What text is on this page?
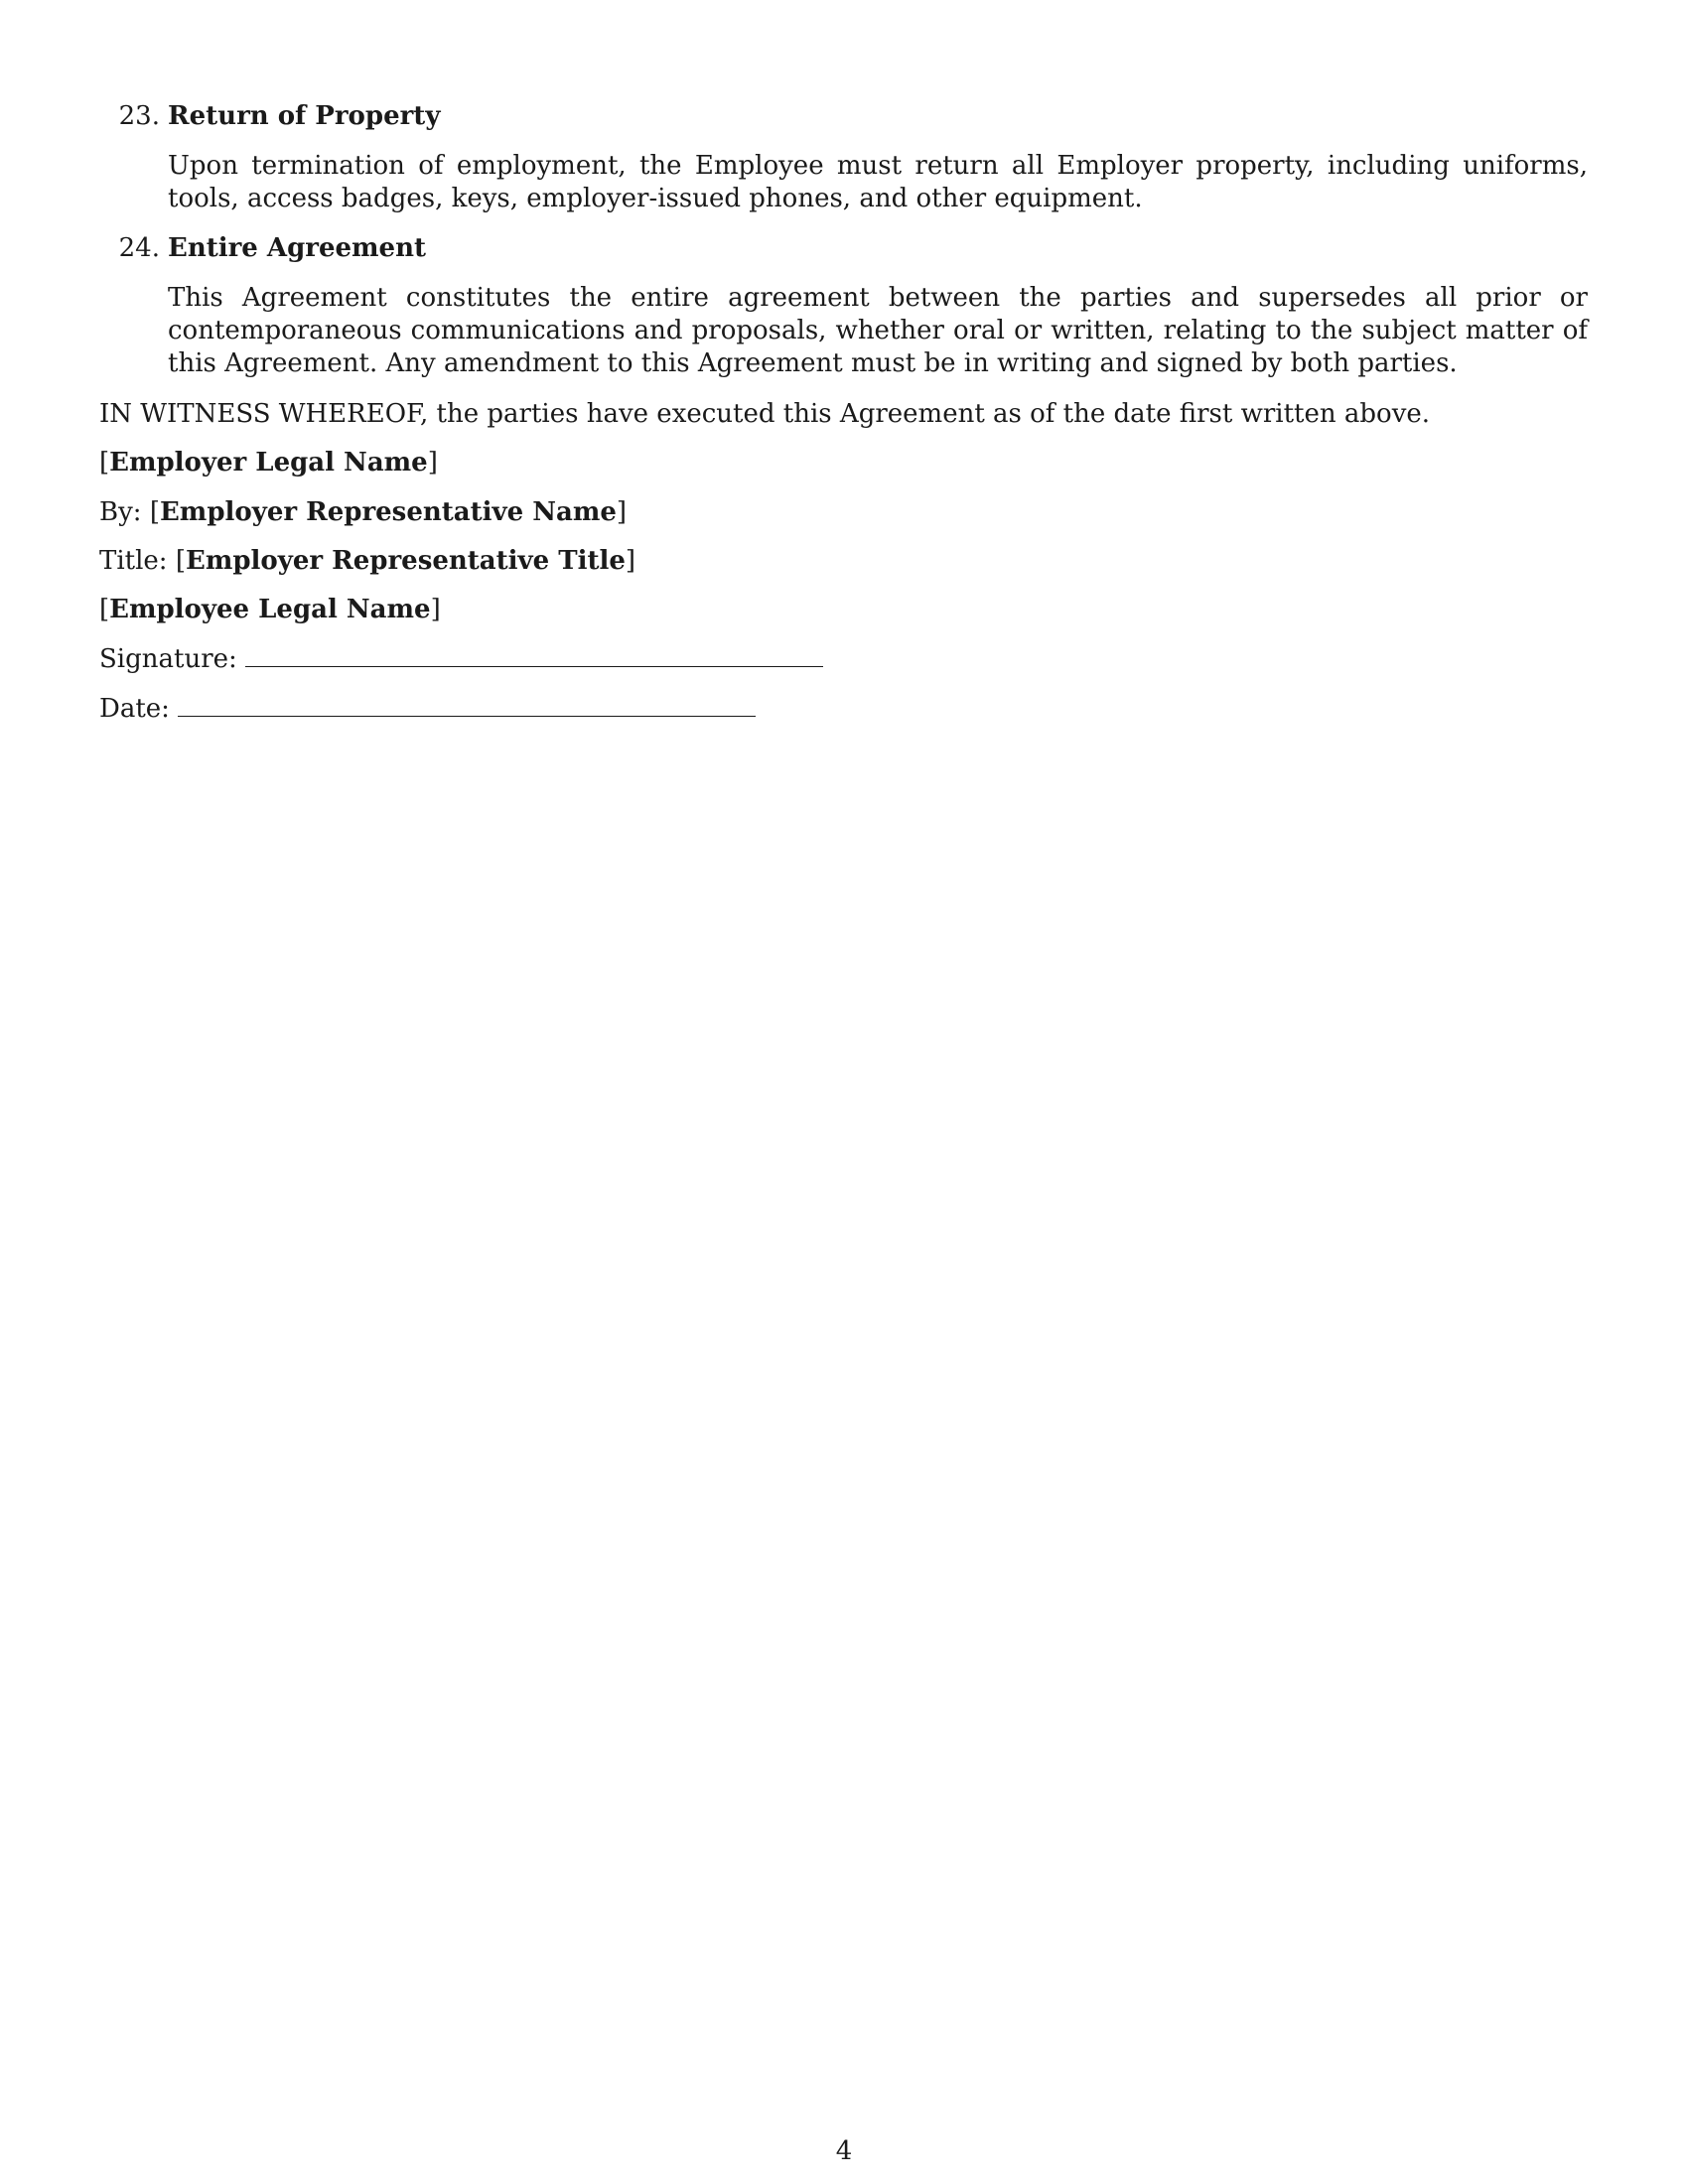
23. Return of Property
Upon termination of employment, the Employee must return all Employer property, including uniforms, tools, access badges, keys, employer-issued phones, and other equipment.
24. Entire Agreement
This Agreement constitutes the entire agreement between the parties and supersedes all prior or contemporaneous communications and proposals, whether oral or written, relating to the subject matter of this Agreement. Any amendment to this Agreement must be in writing and signed by both parties.
IN WITNESS WHEREOF, the parties have executed this Agreement as of the date first written above.
[Employer Legal Name]
By: [Employer Representative Name]
Title: [Employer Representative Title]
[Employee Legal Name]
Signature:
Date:
4
